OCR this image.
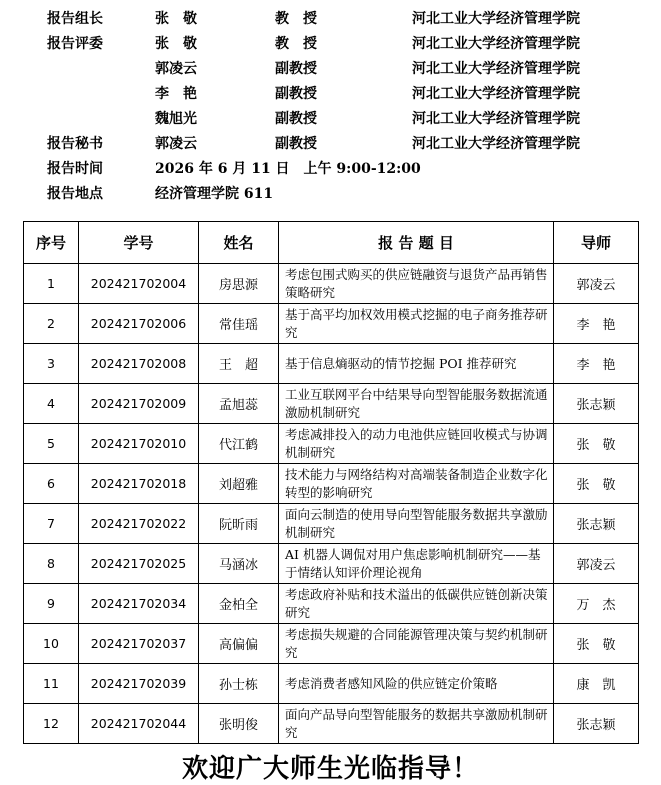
报告组长	张　敬	教　授	河北工业大学经济管理学院
报告评委	张　敬	教　授	河北工业大学经济管理学院
郭凌云	副教授	河北工业大学经济管理学院
李　艳	副教授	河北工业大学经济管理学院
魏旭光	副教授	河北工业大学经济管理学院
报告秘书	郭凌云	副教授	河北工业大学经济管理学院
报告时间	2026 年 6 月 11 日　上午 9:00-12:00
报告地点	经济管理学院 611
序号	学号	姓名	报 告 题 目	导师
1	202421702004	房思源	考虑包围式购买的供应链融资与退货产品再销售策略研究	郭凌云
2	202421702006	常佳瑶	基于高平均加权效用模式挖掘的电子商务推荐研究	李　艳
3	202421702008	王　超	基于信息熵驱动的情节挖掘 POI 推荐研究	李　艳
4	202421702009	孟旭蕊	工业互联网平台中结果导向型智能服务数据流通激励机制研究	张志颖
5	202421702010	代江鹤	考虑减排投入的动力电池供应链回收模式与协调机制研究	张　敬
6	202421702018	刘超雅	技术能力与网络结构对高端装备制造企业数字化转型的影响研究	张　敬
7	202421702022	阮昕雨	面向云制造的使用导向型智能服务数据共享激励机制研究	张志颖
8	202421702025	马涵冰	AI 机器人调侃对用户焦虑影响机制研究——基于情绪认知评价理论视角	郭凌云
9	202421702034	金柏全	考虑政府补贴和技术溢出的低碳供应链创新决策研究	万　杰
10	202421702037	高偏偏	考虑损失规避的合同能源管理决策与契约机制研究	张　敬
11	202421702039	孙士栋	考虑消费者感知风险的供应链定价策略	康　凯
12	202421702044	张明俊	面向产品导向型智能服务的数据共享激励机制研究	张志颖
欢迎广大师生光临指导！
